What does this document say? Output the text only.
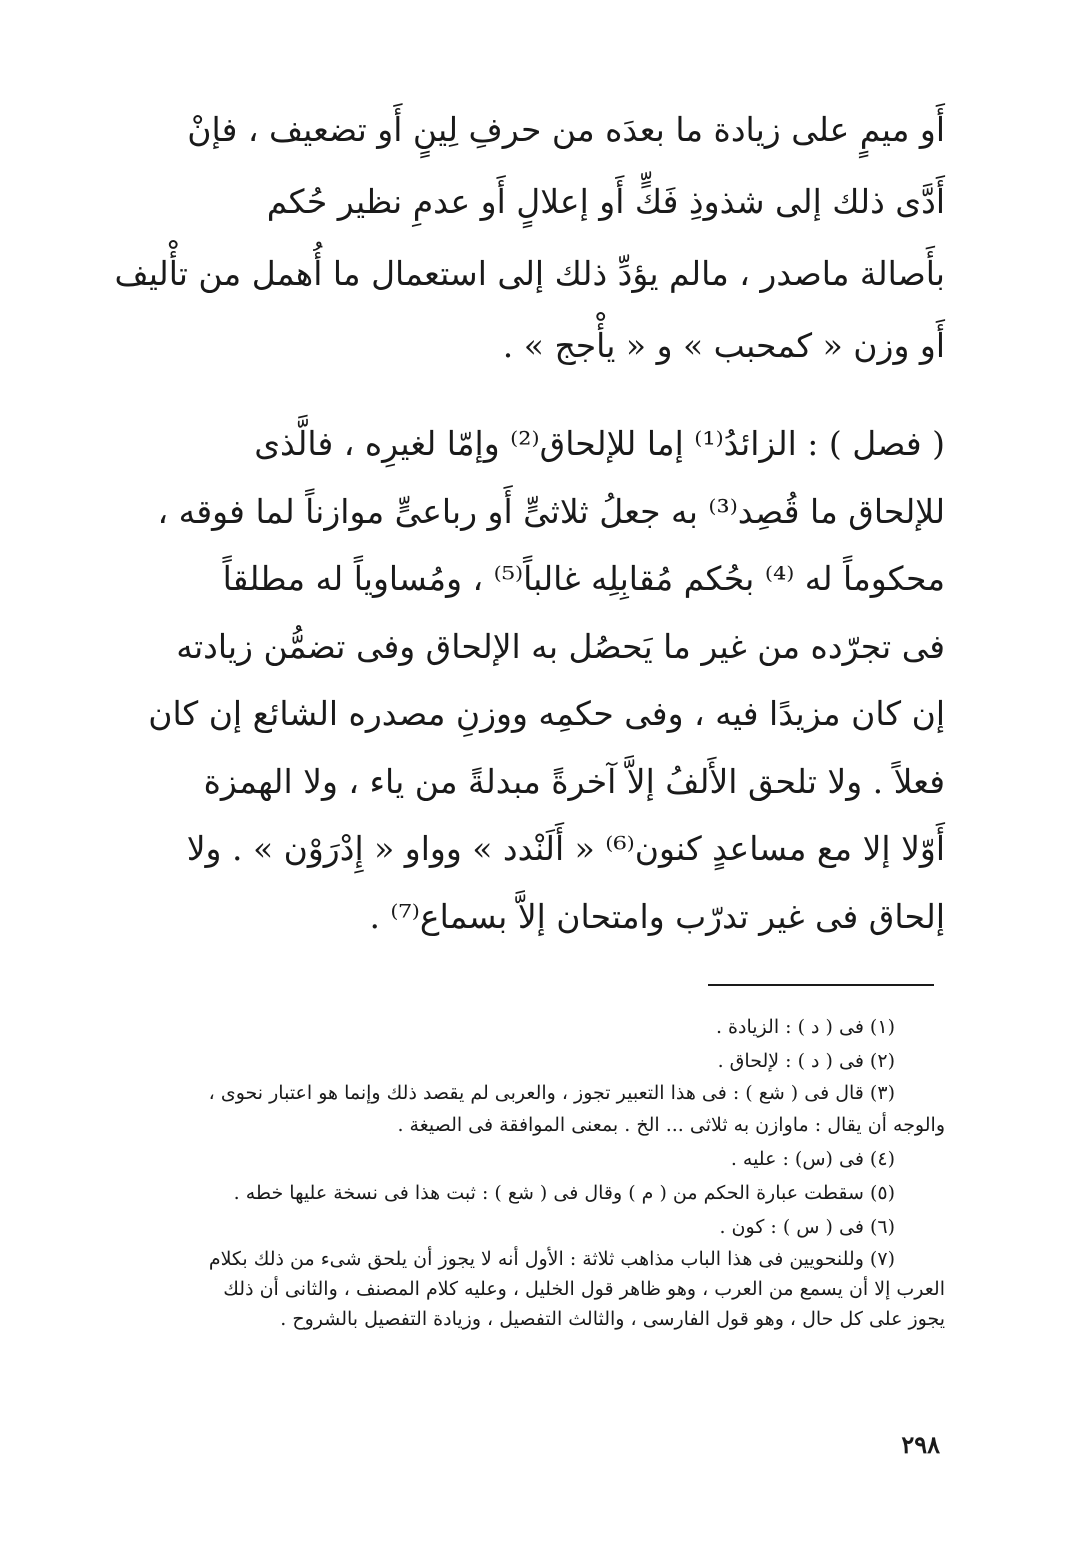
أَو ميمٍ على زيادة ما بعدَه من حرفِ لِينٍ أَو تضعيف ، فإنْ
أَدَّى ذلك إلى شذوذِ فَكٍّ أَو إعلالٍ أَو عدمِ نظير حُكم
بأَصالة ماصدر ، مالم يؤدِّ ذلك إلى استعمال ما أُهمل من تأْليف
أَو وزن « كمحبب » و « يأْجج » .
( فصل ) : الزائدُ⁽¹⁾ إما للإلحاق⁽²⁾ وإمّا لغيرِه ، فالَّذى
للإلحاق ما قُصِد⁽³⁾ به جعلُ ثلاثىٍّ أَو رباعىٍّ موازناً لما فوقه ،
محكوماً له ⁽⁴⁾ بحُكم مُقابِلِه غالباً⁽⁵⁾ ، ومُساوياً له مطلقاً
فى تجرّده من غير ما يَحصُل به الإلحاق وفى تضمُّن زيادته
إن كان مزيدًا فيه ، وفى حكمِه ووزنِ مصدره الشائع إن كان
فعلاً . ولا تلحق الأَلفُ إلاَّ آخرةً مبدلةً من ياء ، ولا الهمزة
أَوّلا إلا مع مساعدٍ كنون⁽⁶⁾ « أَلَنْدد » وواو « إِدْرَوْن » . ولا
إلحاق فى غير تدرّب وامتحان إلاَّ بسماع⁽⁷⁾ .
(١) فى ( د ) : الزيادة .
(٢) فى ( د ) : لإلحاق .
(٣) قال فى ( شع ) : فى هذا التعبير تجوز ، والعربى لم يقصد ذلك وإنما هو اعتبار نحوى ،
والوجه أن يقال : ماوازن به ثلاثى ... الخ . بمعنى الموافقة فى الصيغة .
(٤) فى (س) : عليه .
(٥) سقطت عبارة الحكم من ( م ) وقال فى ( شع ) : ثبت هذا فى نسخة عليها خطه .
(٦) فى ( س ) : كون .
(٧) وللنحويين فى هذا الباب مذاهب ثلاثة : الأول أنه لا يجوز أن يلحق شىء من ذلك بكلام
العرب إلا أن يسمع من العرب ، وهو ظاهر قول الخليل ، وعليه كلام المصنف ، والثانى أن ذلك
يجوز على كل حال ، وهو قول الفارسى ، والثالث التفصيل ، وزيادة التفصيل بالشروح .
٢٩٨
